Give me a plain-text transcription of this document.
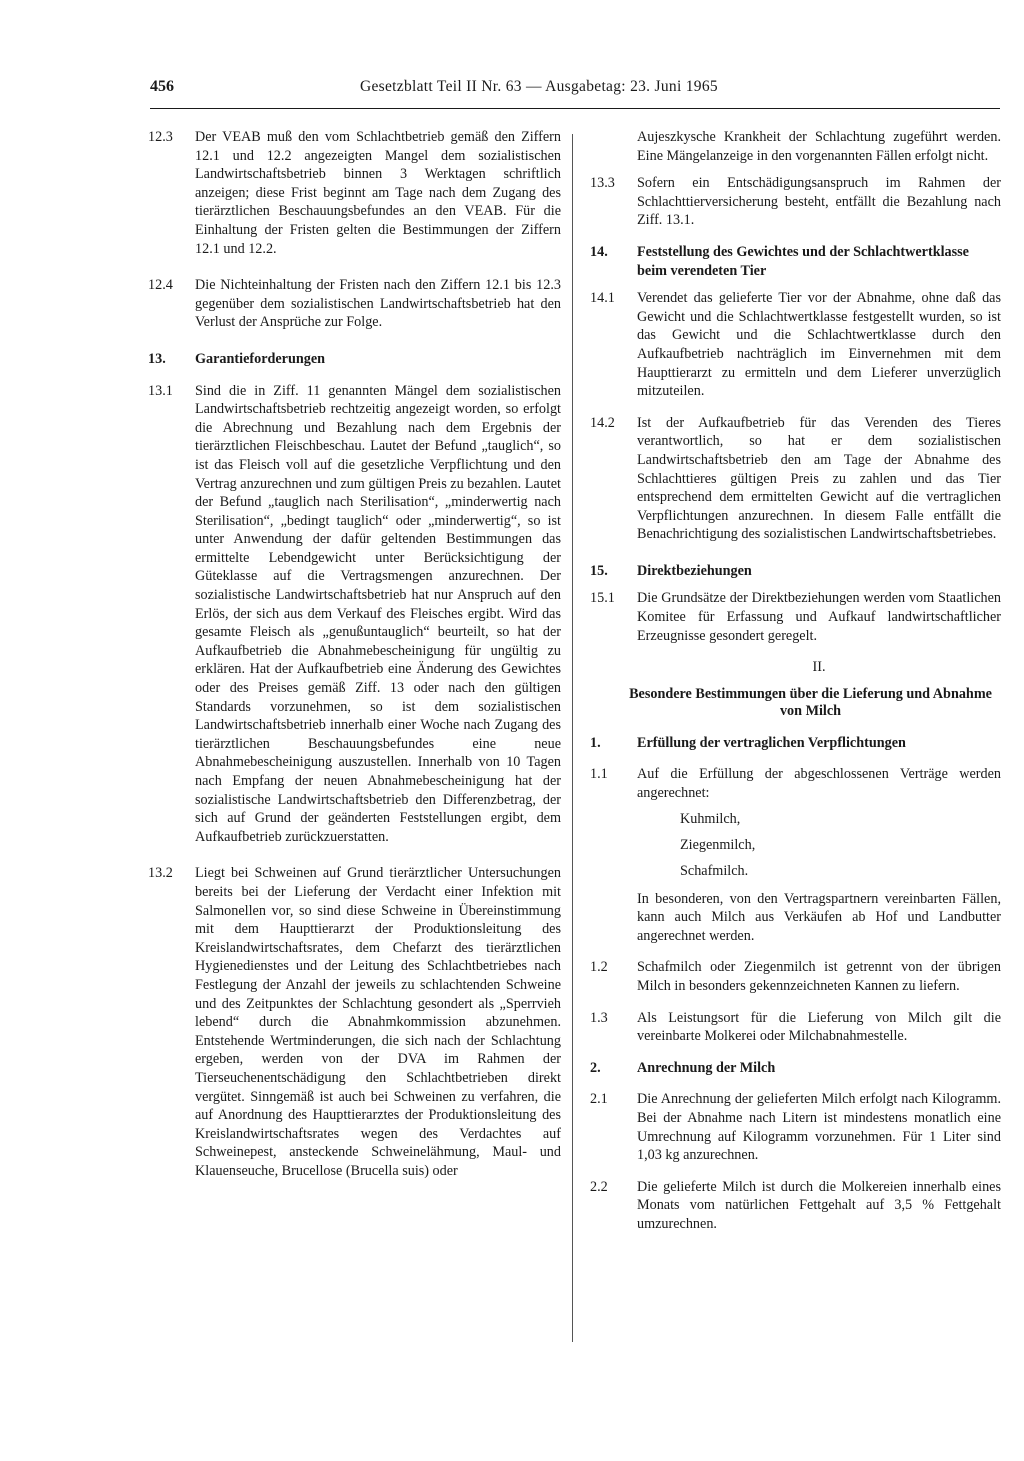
456	Gesetzblatt Teil II Nr. 63 — Ausgabetag: 23. Juni 1965
12.3	Der VEAB muß den vom Schlachtbetrieb gemäß den Ziffern 12.1 und 12.2 angezeigten Mangel dem sozialistischen Landwirtschaftsbetrieb binnen 3 Werktagen schriftlich anzeigen; diese Frist beginnt am Tage nach dem Zugang des tierärztlichen Beschauungsbefundes an den VEAB. Für die Einhaltung der Fristen gelten die Bestimmungen der Ziffern 12.1 und 12.2.
12.4	Die Nichteinhaltung der Fristen nach den Ziffern 12.1 bis 12.3 gegenüber dem sozialistischen Landwirtschaftsbetrieb hat den Verlust der Ansprüche zur Folge.
13.	Garantieforderungen
13.1	Sind die in Ziff. 11 genannten Mängel dem sozialistischen Landwirtschaftsbetrieb rechtzeitig angezeigt worden, so erfolgt die Abrechnung und Bezahlung nach dem Ergebnis der tierärztlichen Fleischbeschau. Lautet der Befund „tauglich“, so ist das Fleisch voll auf die gesetzliche Verpflichtung und den Vertrag anzurechnen und zum gültigen Preis zu bezahlen. Lautet der Befund „tauglich nach Sterilisation“, „minderwertig nach Sterilisation“, „bedingt tauglich“ oder „minderwertig“, so ist unter Anwendung der dafür geltenden Bestimmungen das ermittelte Lebendgewicht unter Berücksichtigung der Güteklasse auf die Vertragsmengen anzurechnen. Der sozialistische Landwirtschaftsbetrieb hat nur Anspruch auf den Erlös, der sich aus dem Verkauf des Fleisches ergibt. Wird das gesamte Fleisch als „genußuntauglich“ beurteilt, so hat der Aufkaufbetrieb die Abnahmebescheinigung für ungültig zu erklären. Hat der Aufkaufbetrieb eine Änderung des Gewichtes oder des Preises gemäß Ziff. 13 oder nach den gültigen Standards vorzunehmen, so ist dem sozialistischen Landwirtschaftsbetrieb innerhalb einer Woche nach Zugang des tierärztlichen Beschauungsbefundes eine neue Abnahmebescheinigung auszustellen. Innerhalb von 10 Tagen nach Empfang der neuen Abnahmebescheinigung hat der sozialistische Landwirtschaftsbetrieb den Differenzbetrag, der sich auf Grund der geänderten Feststellungen ergibt, dem Aufkaufbetrieb zurückzuerstatten.
13.2	Liegt bei Schweinen auf Grund tierärztlicher Untersuchungen bereits bei der Lieferung der Verdacht einer Infektion mit Salmonellen vor, so sind diese Schweine in Übereinstimmung mit dem Haupttierarzt der Produktionsleitung des Kreislandwirtschaftsrates, dem Chefarzt des tierärztlichen Hygienedienstes und der Leitung des Schlachtbetriebes nach Festlegung der Anzahl der jeweils zu schlachtenden Schweine und des Zeitpunktes der Schlachtung gesondert als „Sperrvieh lebend“ durch die Abnahmkommission abzunehmen. Entstehende Wertminderungen, die sich nach der Schlachtung ergeben, werden von der DVA im Rahmen der Tierseuchenentschädigung den Schlachtbetrieben direkt vergütet. Sinngemäß ist auch bei Schweinen zu verfahren, die auf Anordnung des Haupttierarztes der Produktionsleitung des Kreislandwirtschaftsrates wegen des Verdachtes auf Schweinepest, ansteckende Schweinelähmung, Maul- und Klauenseuche, Brucellose (Brucella suis) oder
Aujeszkysche Krankheit der Schlachtung zugeführt werden. Eine Mängelanzeige in den vorgenannten Fällen erfolgt nicht.
13.3	Sofern ein Entschädigungsanspruch im Rahmen der Schlachttierversicherung besteht, entfällt die Bezahlung nach Ziff. 13.1.
14.	Feststellung des Gewichtes und der Schlachtwertklasse beim verendeten Tier
14.1	Verendet das gelieferte Tier vor der Abnahme, ohne daß das Gewicht und die Schlachtwertklasse festgestellt wurden, so ist das Gewicht und die Schlachtwertklasse durch den Aufkaufbetrieb nachträglich im Einvernehmen mit dem Haupttierarzt zu ermitteln und dem Lieferer unverzüglich mitzuteilen.
14.2	Ist der Aufkaufbetrieb für das Verenden des Tieres verantwortlich, so hat er dem sozialistischen Landwirtschaftsbetrieb den am Tage der Abnahme des Schlachttieres gültigen Preis zu zahlen und das Tier entsprechend dem ermittelten Gewicht auf die vertraglichen Verpflichtungen anzurechnen. In diesem Falle entfällt die Benachrichtigung des sozialistischen Landwirtschaftsbetriebes.
15.	Direktbeziehungen
15.1	Die Grundsätze der Direktbeziehungen werden vom Staatlichen Komitee für Erfassung und Aufkauf landwirtschaftlicher Erzeugnisse gesondert geregelt.
II.
Besondere Bestimmungen über die Lieferung und Abnahme von Milch
1.	Erfüllung der vertraglichen Verpflichtungen
1.1	Auf die Erfüllung der abgeschlossenen Verträge werden angerechnet:
Kuhmilch,
Ziegenmilch,
Schafmilch.
In besonderen, von den Vertragspartnern vereinbarten Fällen, kann auch Milch aus Verkäufen ab Hof und Landbutter angerechnet werden.
1.2	Schafmilch oder Ziegenmilch ist getrennt von der übrigen Milch in besonders gekennzeichneten Kannen zu liefern.
1.3	Als Leistungsort für die Lieferung von Milch gilt die vereinbarte Molkerei oder Milchabnahmestelle.
2.	Anrechnung der Milch
2.1	Die Anrechnung der gelieferten Milch erfolgt nach Kilogramm. Bei der Abnahme nach Litern ist mindestens monatlich eine Umrechnung auf Kilogramm vorzunehmen. Für 1 Liter sind 1,03 kg anzurechnen.
2.2	Die gelieferte Milch ist durch die Molkereien innerhalb eines Monats vom natürlichen Fettgehalt auf 3,5 % Fettgehalt umzurechnen.
